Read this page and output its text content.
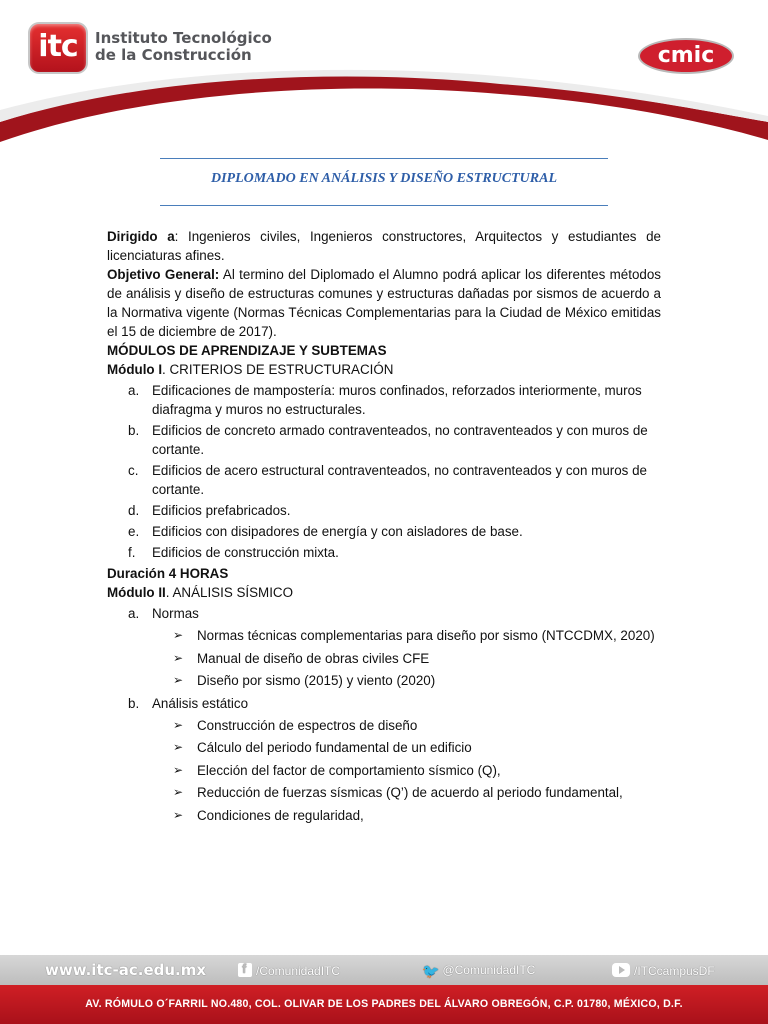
itc	Instituto Tecnológico
de la Construcción	cmic
DIPLOMADO EN ANÁLISIS Y DISEÑO ESTRUCTURAL

Dirigido a: Ingenieros civiles, Ingenieros constructores, Arquitectos y estudiantes de licenciaturas afines.

Objetivo General: Al termino del Diplomado el Alumno podrá aplicar los diferentes métodos de análisis y diseño de estructuras comunes y estructuras dañadas por sismos de acuerdo a la Normativa vigente (Normas Técnicas Complementarias para la Ciudad de México emitidas el 15 de diciembre de 2017).

MÓDULOS DE APRENDIZAJE Y SUBTEMAS

Módulo I. CRITERIOS DE ESTRUCTURACIÓN

a. Edificaciones de mampostería: muros confinados, reforzados interiormente, muros diafragma y muros no estructurales.
b. Edificios de concreto armado contraventeados, no contraventeados y con muros de cortante.
c. Edificios de acero estructural contraventeados, no contraventeados y con muros de cortante.
d. Edificios prefabricados.
e. Edificios con disipadores de energía y con aisladores de base.
f. Edificios de construcción mixta.

Duración 4 HORAS

Módulo II. ANÁLISIS SÍSMICO

a. Normas
➢ Normas técnicas complementarias para diseño por sismo (NTCCDMX, 2020)
➢ Manual de diseño de obras civiles CFE
➢ Diseño por sismo (2015) y viento (2020)
b. Análisis estático
➢ Construcción de espectros de diseño
➢ Cálculo del periodo fundamental de un edificio
➢ Elección del factor de comportamiento sísmico (Q),
➢ Reducción de fuerzas sísmicas (Q’) de acuerdo al periodo fundamental,
➢ Condiciones de regularidad,
www.itc-ac.edu.mx
f	/ComunidadITC	🐦 @ComunidadITC	/ITCcampusDF
AV. RÓMULO O´FARRIL NO.480, COL. OLIVAR DE LOS PADRES DEL ÁLVARO OBREGÓN, C.P. 01780, MÉXICO, D.F.
